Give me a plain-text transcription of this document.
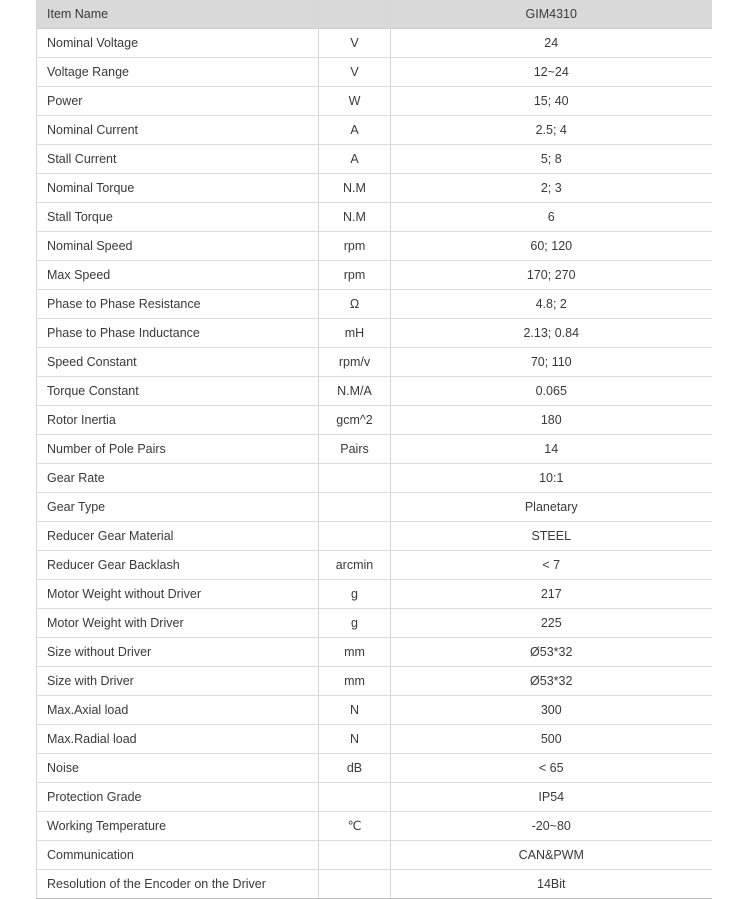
Item Name		GIM4310
Nominal Voltage	V	24
Voltage Range	V	12~24
Power	W	15; 40
Nominal Current	A	2.5; 4
Stall Current	A	5; 8
Nominal Torque	N.M	2; 3
Stall Torque	N.M	6
Nominal Speed	rpm	60; 120
Max Speed	rpm	170; 270
Phase to Phase Resistance	Ω	4.8; 2
Phase to Phase Inductance	mH	2.13; 0.84
Speed Constant	rpm/v	70; 110
Torque Constant	N.M/A	0.065
Rotor Inertia	gcm^2	180
Number of Pole Pairs	Pairs	14
Gear Rate		10:1
Gear Type		Planetary
Reducer Gear Material		STEEL
Reducer Gear Backlash	arcmin	< 7
Motor Weight without Driver	g	217
Motor Weight with Driver	g	225
Size without Driver	mm	Ø53*32
Size with Driver	mm	Ø53*32
Max.Axial load	N	300
Max.Radial load	N	500
Noise	dB	< 65
Protection Grade		IP54
Working Temperature	℃	-20~80
Communication		CAN&PWM
Resolution of the Encoder on the Driver		14Bit
